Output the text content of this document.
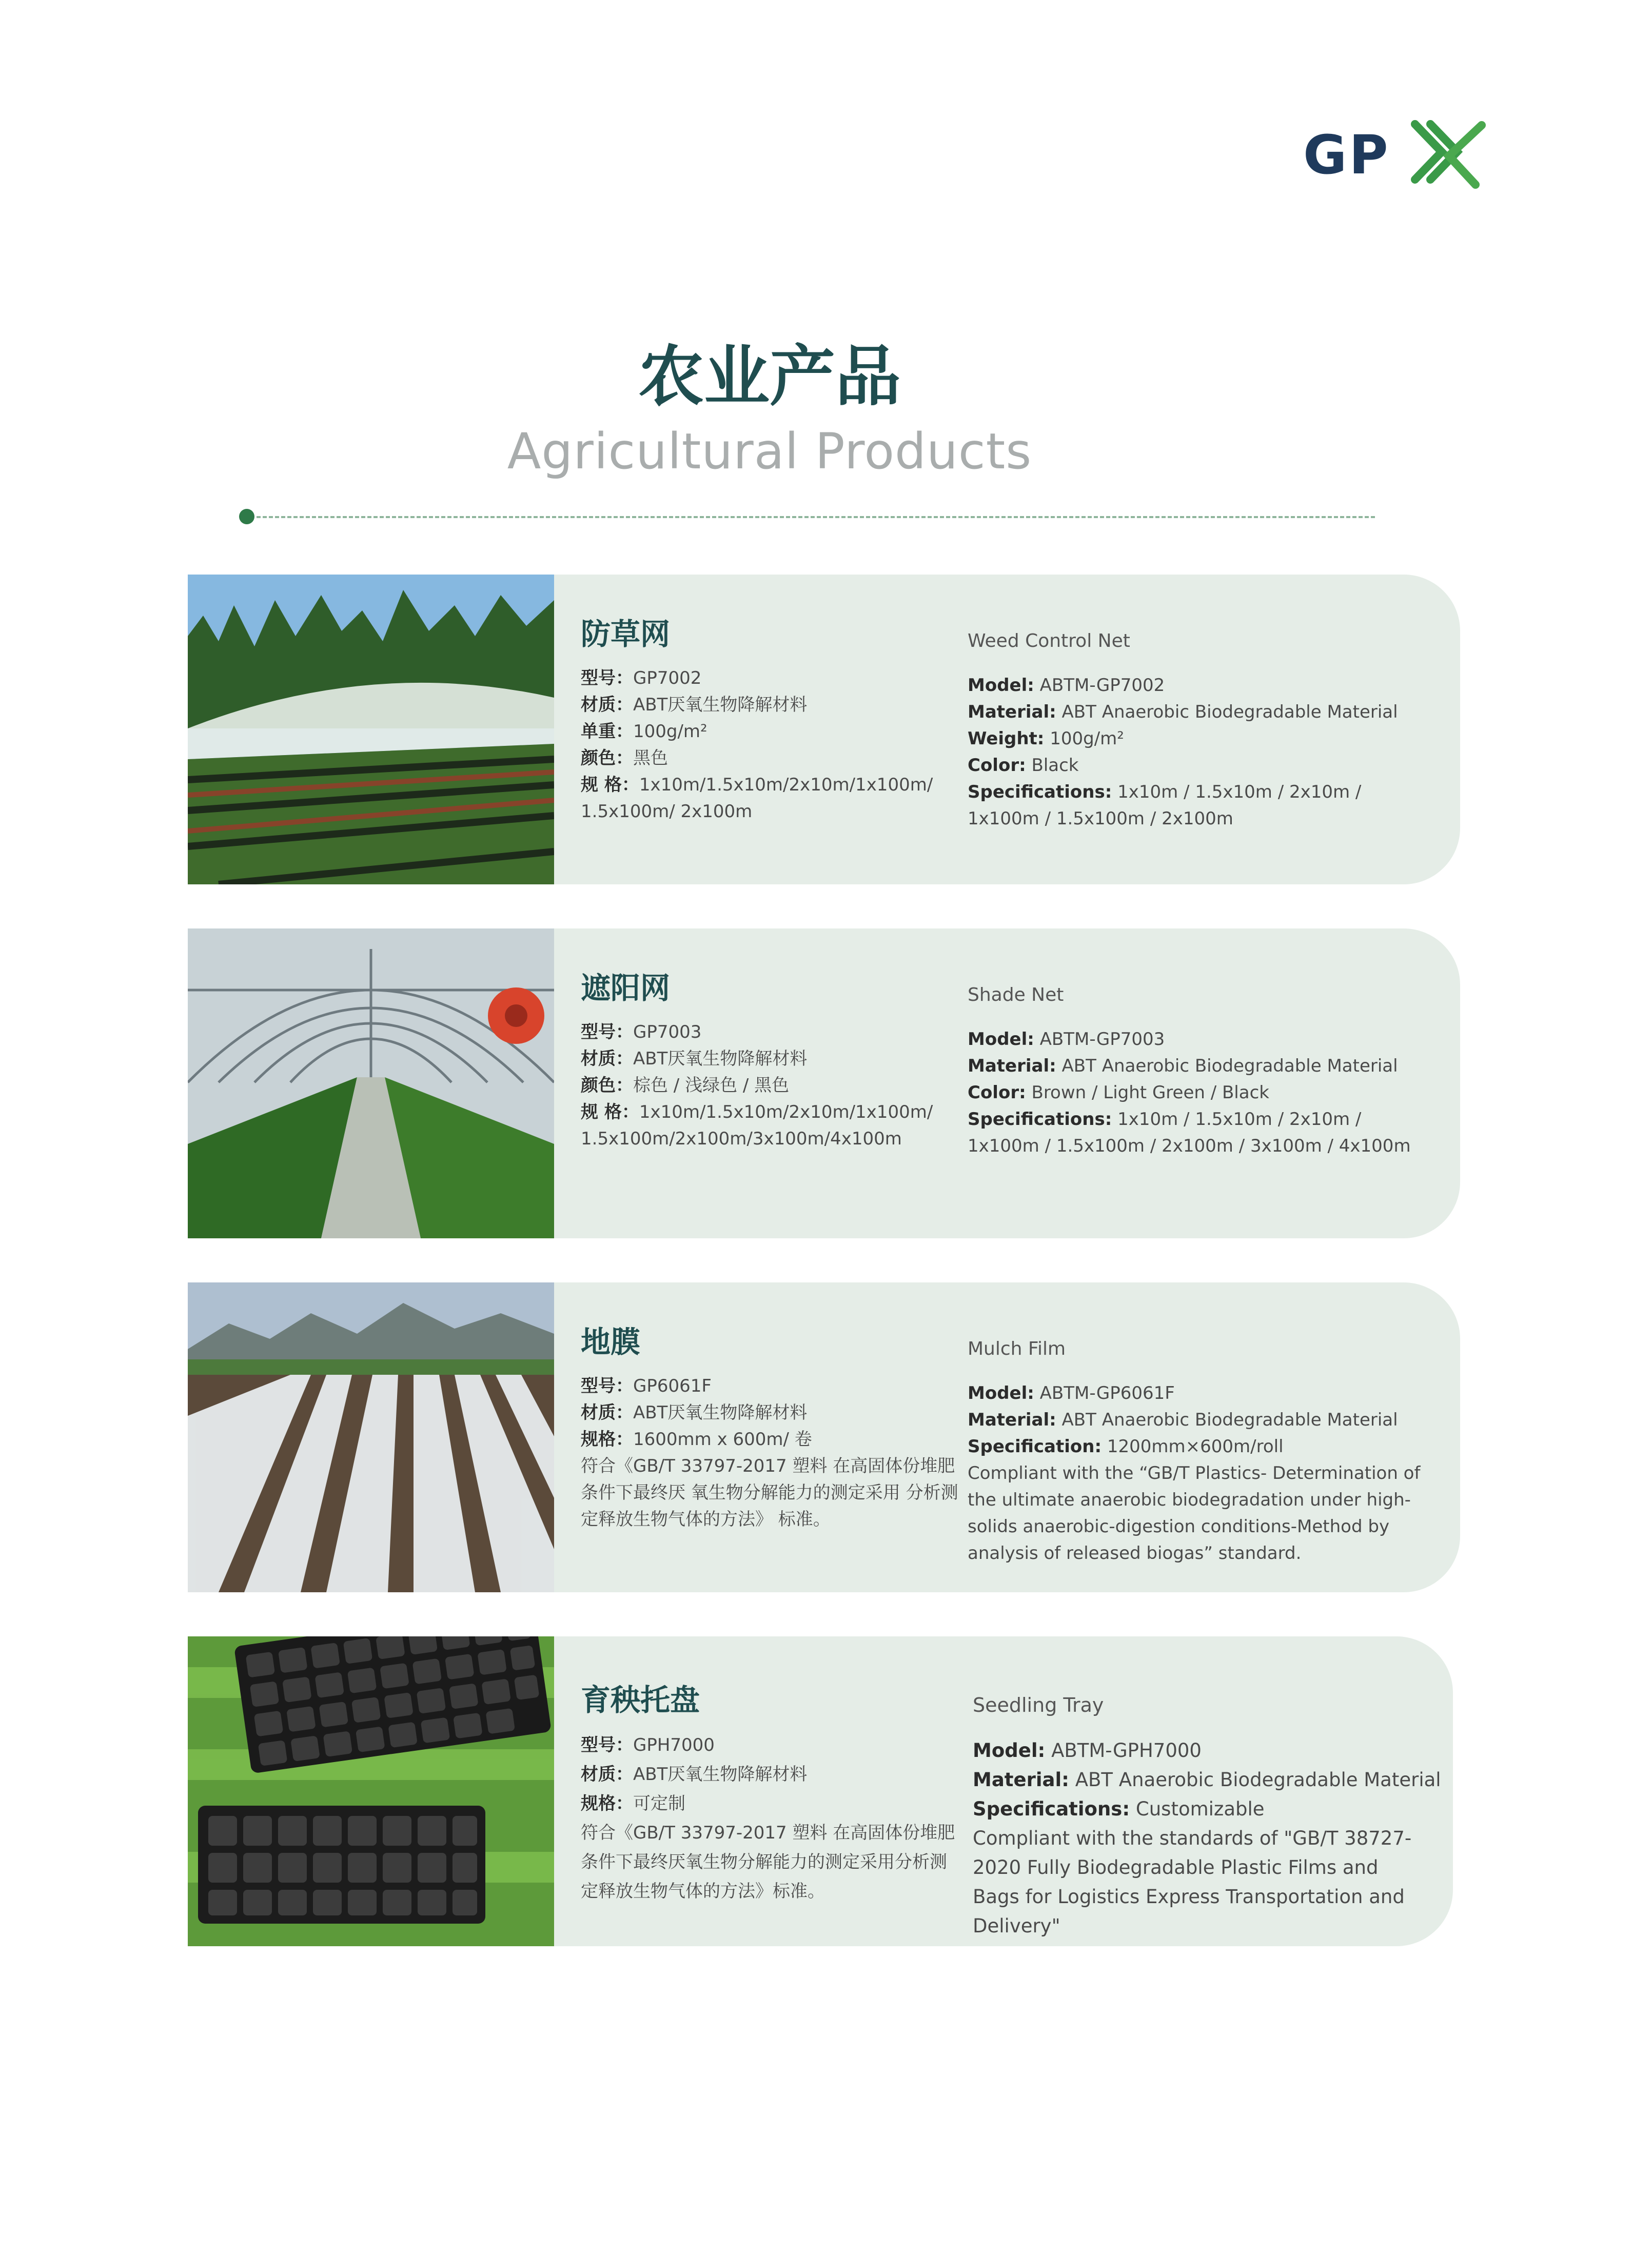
GP
农业产品
Agricultural Products
防草网
型号：GP7002
材质：ABT厌氧生物降解材料
单重：100g/m²
颜色：黑色
规 格：1x10m/1.5x10m/2x10m/1x100m/
1.5x100m/ 2x100m
Weed Control Net
Model: ABTM-GP7002
Material: ABT Anaerobic Biodegradable Material
Weight: 100g/m²
Color: Black
Specifications: 1x10m / 1.5x10m / 2x10m /
1x100m / 1.5x100m / 2x100m
遮阳网
型号：GP7003
材质：ABT厌氧生物降解材料
颜色：棕色 / 浅绿色 / 黑色
规 格：1x10m/1.5x10m/2x10m/1x100m/
1.5x100m/2x100m/3x100m/4x100m
Shade Net
Model: ABTM-GP7003
Material: ABT Anaerobic Biodegradable Material
Color: Brown / Light Green / Black
Specifications: 1x10m / 1.5x10m / 2x10m /
1x100m / 1.5x100m / 2x100m / 3x100m / 4x100m
地膜
型号：GP6061F
材质：ABT厌氧生物降解材料
规格：1600mm x 600m/ 卷
符合《GB/T 33797-2017 塑料 在高固体份堆肥条件下最终厌 氧生物分解能力的测定采用 分析测定释放生物气体的方法》 标准。
Mulch Film
Model: ABTM-GP6061F
Material: ABT Anaerobic Biodegradable Material
Specification: 1200mm×600m/roll
Compliant with the “GB/T Plastics- Determination of the ultimate anaerobic biodegradation under high-solids anaerobic-digestion conditions-Method by analysis of released biogas” standard.
育秧托盘
型号：GPH7000
材质：ABT厌氧生物降解材料
规格：可定制
符合《GB/T 33797-2017 塑料 在高固体份堆肥条件下最终厌氧生物分解能力的测定采用分析测定释放生物气体的方法》标准。
Seedling Tray
Model: ABTM-GPH7000
Material: ABT Anaerobic Biodegradable Material
Specifications: Customizable
Compliant with the standards of "GB/T 38727-2020 Fully Biodegradable Plastic Films and Bags for Logistics Express Transportation and Delivery"
